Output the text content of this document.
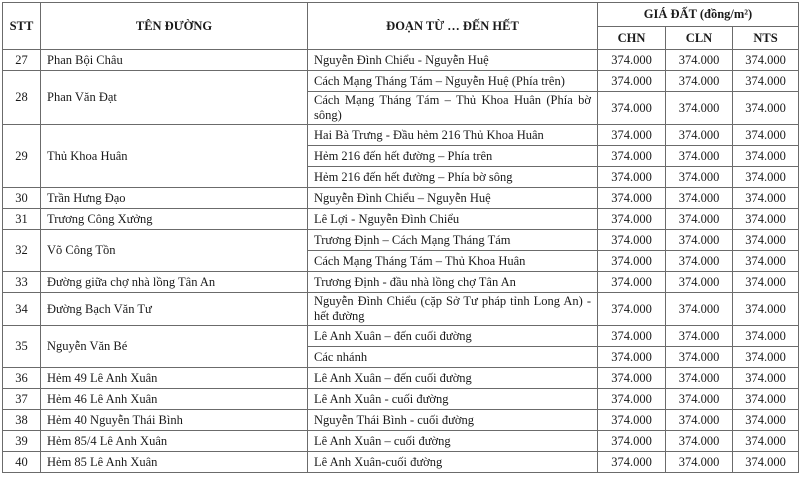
STT	TÊN ĐƯỜNG	ĐOẠN TỪ … ĐẾN HẾT	GIÁ ĐẤT (đồng/m²)		
			CHN	CLN	NTS
27	Phan Bội Châu	Nguyễn Đình Chiểu - Nguyễn Huệ	374.000	374.000	374.000
28	Phan Văn Đạt	Cách Mạng Tháng Tám – Nguyễn Huệ (Phía trên)	374.000	374.000	374.000
		Cách Mạng Tháng Tám – Thủ Khoa Huân (Phía bờ sông)	374.000	374.000	374.000
29	Thủ Khoa Huân	Hai Bà Trưng - Đầu hẻm 216 Thủ Khoa Huân	374.000	374.000	374.000
		Hẻm 216 đến hết đường – Phía trên	374.000	374.000	374.000
		Hẻm 216 đến hết đường – Phía bờ sông	374.000	374.000	374.000
30	Trần Hưng Đạo	Nguyễn Đình Chiểu – Nguyễn Huệ	374.000	374.000	374.000
31	Trương Công Xưởng	Lê Lợi - Nguyễn Đình Chiểu	374.000	374.000	374.000
32	Võ Công Tồn	Trương Định – Cách Mạng Tháng Tám	374.000	374.000	374.000
		Cách Mạng Tháng Tám – Thủ Khoa Huân	374.000	374.000	374.000
33	Đường giữa chợ nhà lồng Tân An	Trương Định - đầu nhà lồng chợ Tân An	374.000	374.000	374.000
34	Đường Bạch Văn Tư	Nguyễn Đình Chiểu (cặp Sở Tư pháp tỉnh Long An) - hết đường	374.000	374.000	374.000
35	Nguyễn Văn Bé	Lê Anh Xuân – đến cuối đường	374.000	374.000	374.000
		Các nhánh	374.000	374.000	374.000
36	Hẻm 49 Lê Anh Xuân	Lê Anh Xuân – đến cuối đường	374.000	374.000	374.000
37	Hẻm 46 Lê Anh Xuân	Lê Anh Xuân - cuối đường	374.000	374.000	374.000
38	Hẻm 40 Nguyễn Thái Bình	Nguyễn Thái Bình - cuối đường	374.000	374.000	374.000
39	Hẻm 85/4 Lê Anh Xuân	Lê Anh Xuân – cuối đường	374.000	374.000	374.000
40	Hẻm 85 Lê Anh Xuân	Lê Anh Xuân-cuối đường	374.000	374.000	374.000
